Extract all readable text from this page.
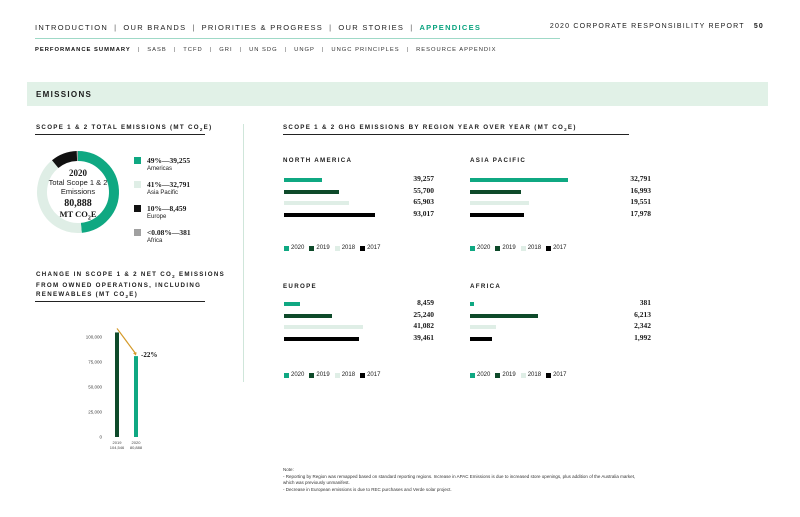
INTRODUCTION | OUR BRANDS | PRIORITIES & PROGRESS | OUR STORIES | APPENDICES	2020 CORPORATE RESPONSIBILITY REPORT 50
PERFORMANCE SUMMARY | SASB | TCFD | GRI | UN SDG | UNGP | UNGC PRINCIPLES | RESOURCE APPENDIX
EMISSIONS
SCOPE 1 & 2 TOTAL EMISSIONS (MT $CO_2E$)
2020
Total Scope 1 & 2
Emissions
80,888
MT $CO_2E$
49%—39,255
Americas
41%—32,791
Asia Pacific
10%—8,459
Europe
<0.08%—381
Africa
CHANGE IN SCOPE 1 & 2 NET $CO_2$ EMISSIONS
FROM OWNED OPERATIONS, INCLUDING
RENEWABLES (MT $CO_2E$)
0
25,000
50,000
75,000
100,000
2019
104,546
2020
80,888
-22%
SCOPE 1 & 2 GHG EMISSIONS BY REGION YEAR OVER YEAR (MT $CO_2E$)
NORTH AMERICA
39,257
55,700
65,903
93,017
2020 2019 2018 2017
ASIA PACIFIC
32,791
16,993
19,551
17,978
2020 2019 2018 2017
EUROPE
8,459
25,240
41,082
39,461
2020 2019 2018 2017
AFRICA
381
6,213
2,342
1,992
2020 2019 2018 2017
Note:
- Reporting by Region was remapped based on standard reporting regions. Increase in APAC Emissions is due to increased store openings, plus addition of the Australia market,
which was previously unmanifest.
- Decrease in European emissions is due to REC purchases and Verde solar project.
